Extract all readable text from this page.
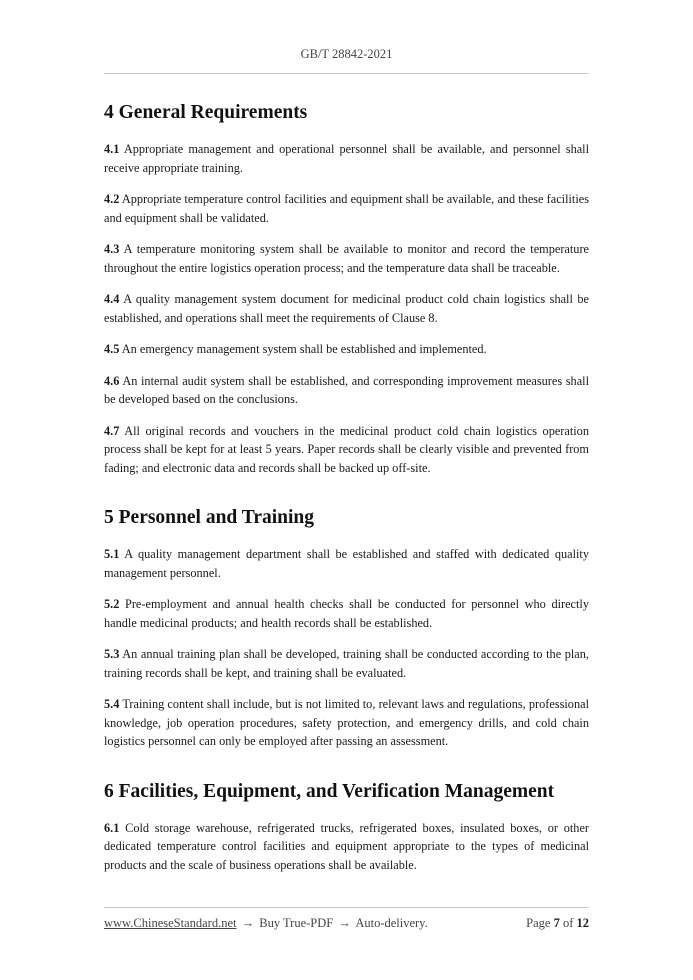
GB/T 28842-2021
4 General Requirements

4.1 Appropriate management and operational personnel shall be available, and personnel shall receive appropriate training.

4.2 Appropriate temperature control facilities and equipment shall be available, and these facilities and equipment shall be validated.

4.3 A temperature monitoring system shall be available to monitor and record the temperature throughout the entire logistics operation process; and the temperature data shall be traceable.

4.4 A quality management system document for medicinal product cold chain logistics shall be established, and operations shall meet the requirements of Clause 8.

4.5 An emergency management system shall be established and implemented.

4.6 An internal audit system shall be established, and corresponding improvement measures shall be developed based on the conclusions.

4.7 All original records and vouchers in the medicinal product cold chain logistics operation process shall be kept for at least 5 years. Paper records shall be clearly visible and prevented from fading; and electronic data and records shall be backed up off-site.

5 Personnel and Training

5.1 A quality management department shall be established and staffed with dedicated quality management personnel.

5.2 Pre-employment and annual health checks shall be conducted for personnel who directly handle medicinal products; and health records shall be established.

5.3 An annual training plan shall be developed, training shall be conducted according to the plan, training records shall be kept, and training shall be evaluated.

5.4 Training content shall include, but is not limited to, relevant laws and regulations, professional knowledge, job operation procedures, safety protection, and emergency drills, and cold chain logistics personnel can only be employed after passing an assessment.

6 Facilities, Equipment, and Verification Management

6.1 Cold storage warehouse, refrigerated trucks, refrigerated boxes, insulated boxes, or other dedicated temperature control facilities and equipment appropriate to the types of medicinal products and the scale of business operations shall be available.

www.ChineseStandard.net → Buy True-PDF → Auto-delivery.	Page 7 of 12
